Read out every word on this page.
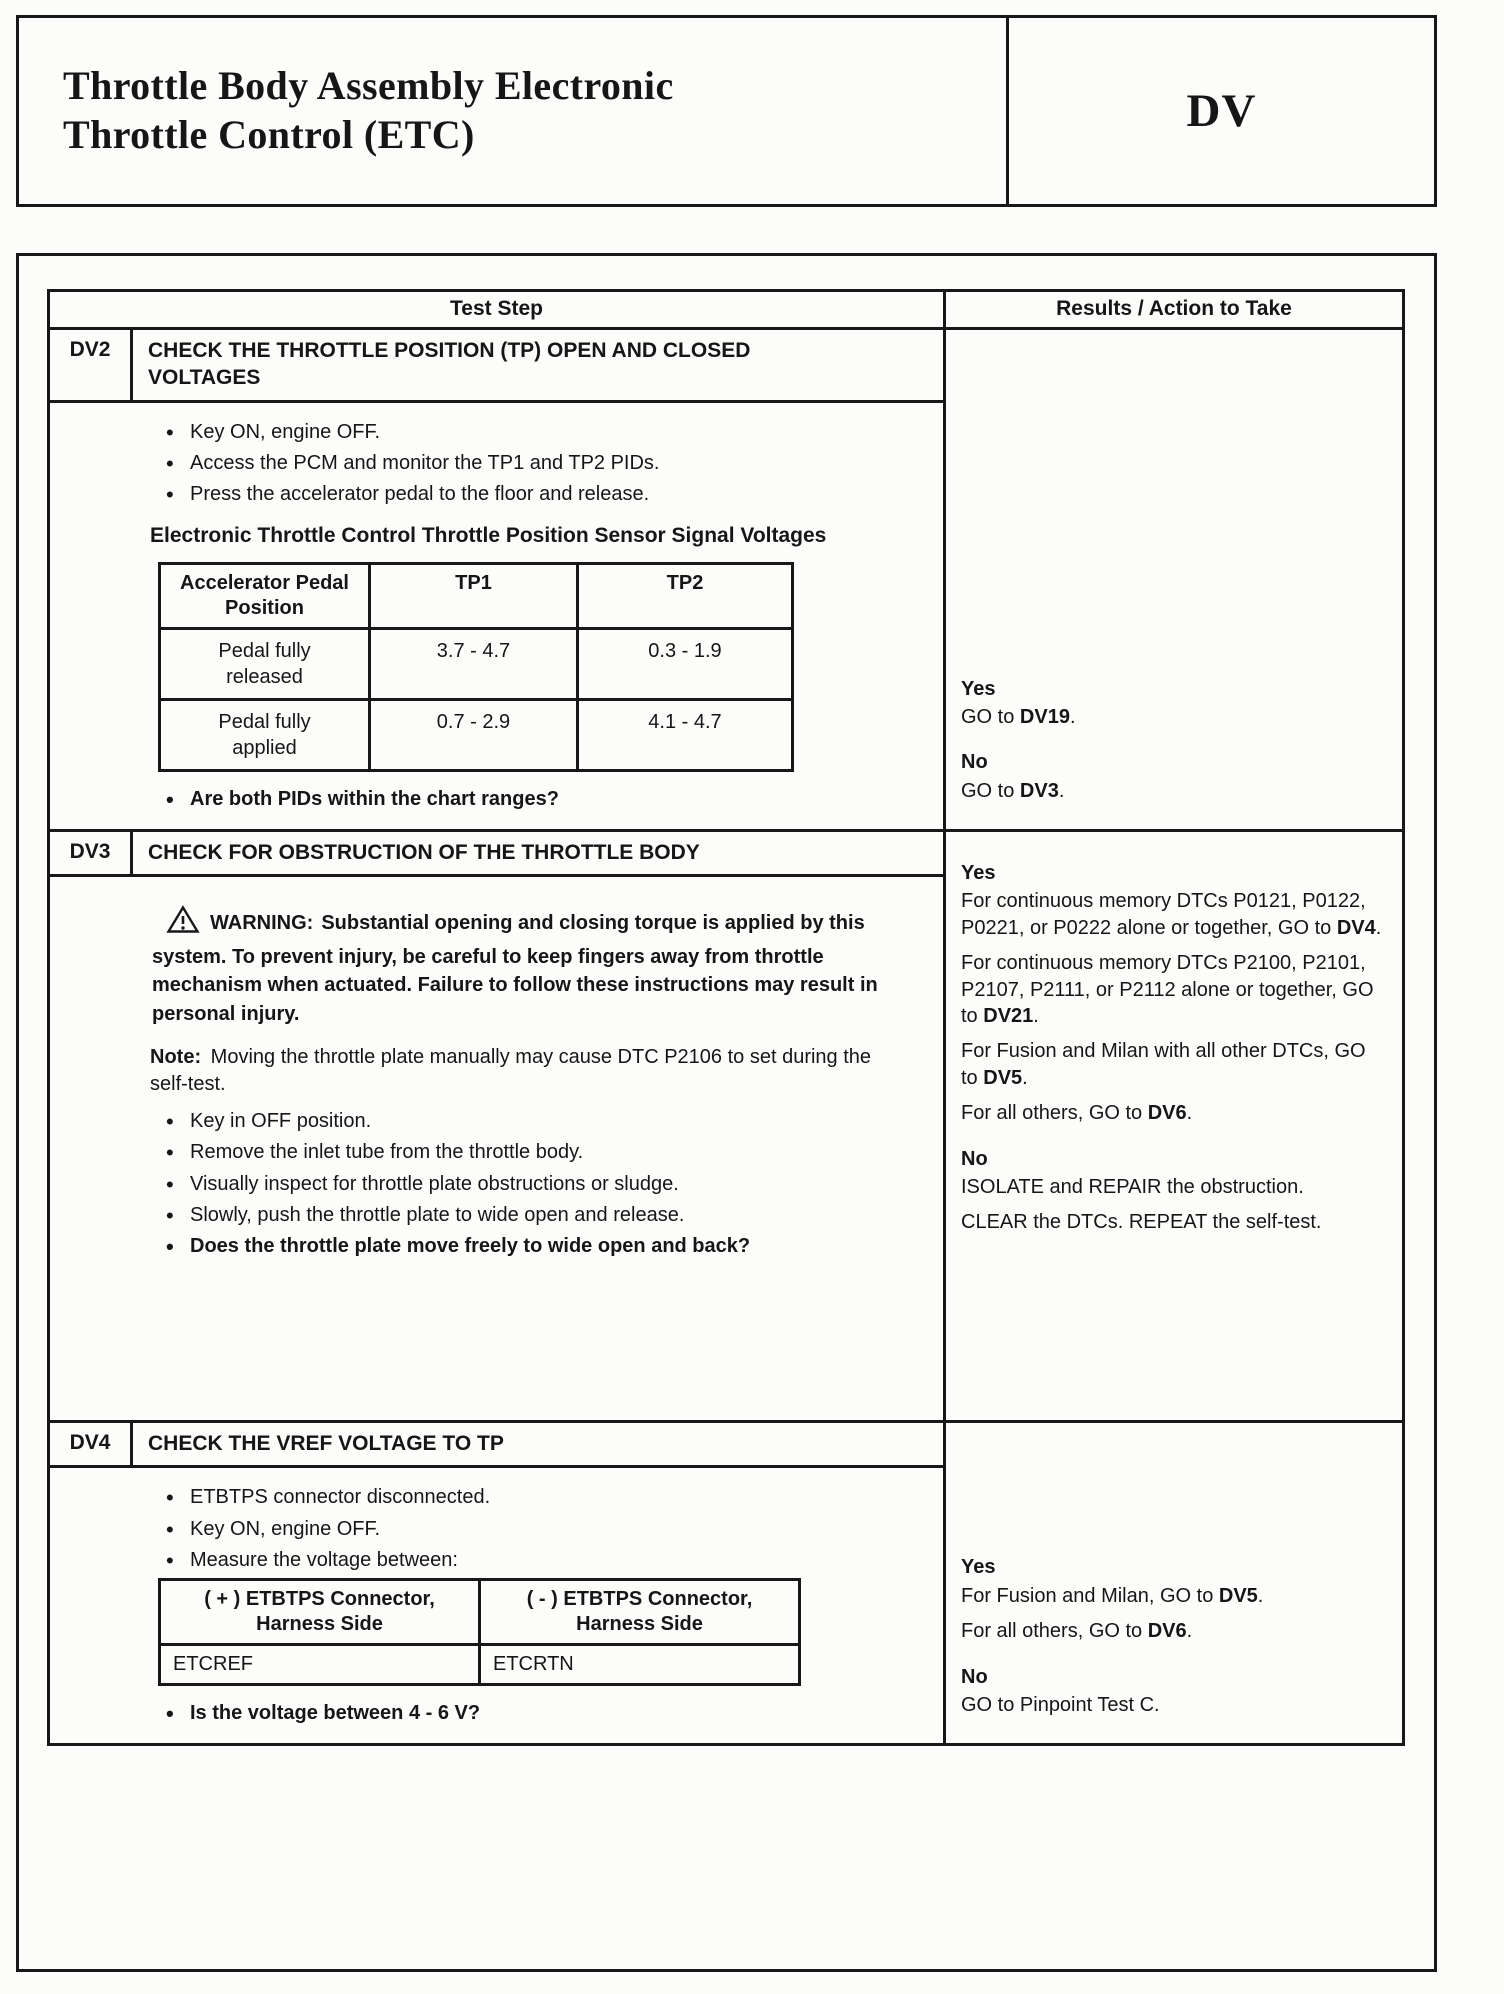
Throttle Body Assembly Electronic
Throttle Control (ETC)	DV
Test Step	Results / Action to Take
DV2	CHECK THE THROTTLE POSITION (TP) OPEN AND CLOSED VOLTAGES
• Key ON, engine OFF.
• Access the PCM and monitor the TP1 and TP2 PIDs.
• Press the accelerator pedal to the floor and release.
Electronic Throttle Control Throttle Position Sensor Signal Voltages
Accelerator Pedal Position	TP1	TP2
Pedal fully released	3.7 - 4.7	0.3 - 1.9
Pedal fully applied	0.7 - 2.9	4.1 - 4.7
• Are both PIDs within the chart ranges?
Yes

GO to DV19.

No

GO to DV3.

DV3	CHECK FOR OBSTRUCTION OF THE THROTTLE BODY

WARNING: Substantial opening and closing torque is applied by this system. To prevent injury, be careful to keep fingers away from throttle mechanism when actuated. Failure to follow these instructions may result in personal injury.

Note: Moving the throttle plate manually may cause DTC P2106 to set during the self-test.

• Key in OFF position.
• Remove the inlet tube from the throttle body.
• Visually inspect for throttle plate obstructions or sludge.
• Slowly, push the throttle plate to wide open and release.
• Does the throttle plate move freely to wide open and back?
Yes

For continuous memory DTCs P0121, P0122, P0221, or P0222 alone or together, GO to DV4.

For continuous memory DTCs P2100, P2101, P2107, P2111, or P2112 alone or together, GO to DV21.

For Fusion and Milan with all other DTCs, GO to DV5.

For all others, GO to DV6.

No

ISOLATE and REPAIR the obstruction.

CLEAR the DTCs. REPEAT the self-test.

DV4	CHECK THE VREF VOLTAGE TO TP
• ETBTPS connector disconnected.
• Key ON, engine OFF.
• Measure the voltage between:
( + ) ETBTPS Connector, Harness Side	( - ) ETBTPS Connector, Harness Side
ETCREF	ETCRTN
• Is the voltage between 4 - 6 V?
Yes

For Fusion and Milan, GO to DV5.

For all others, GO to DV6.

No

GO to Pinpoint Test C.
